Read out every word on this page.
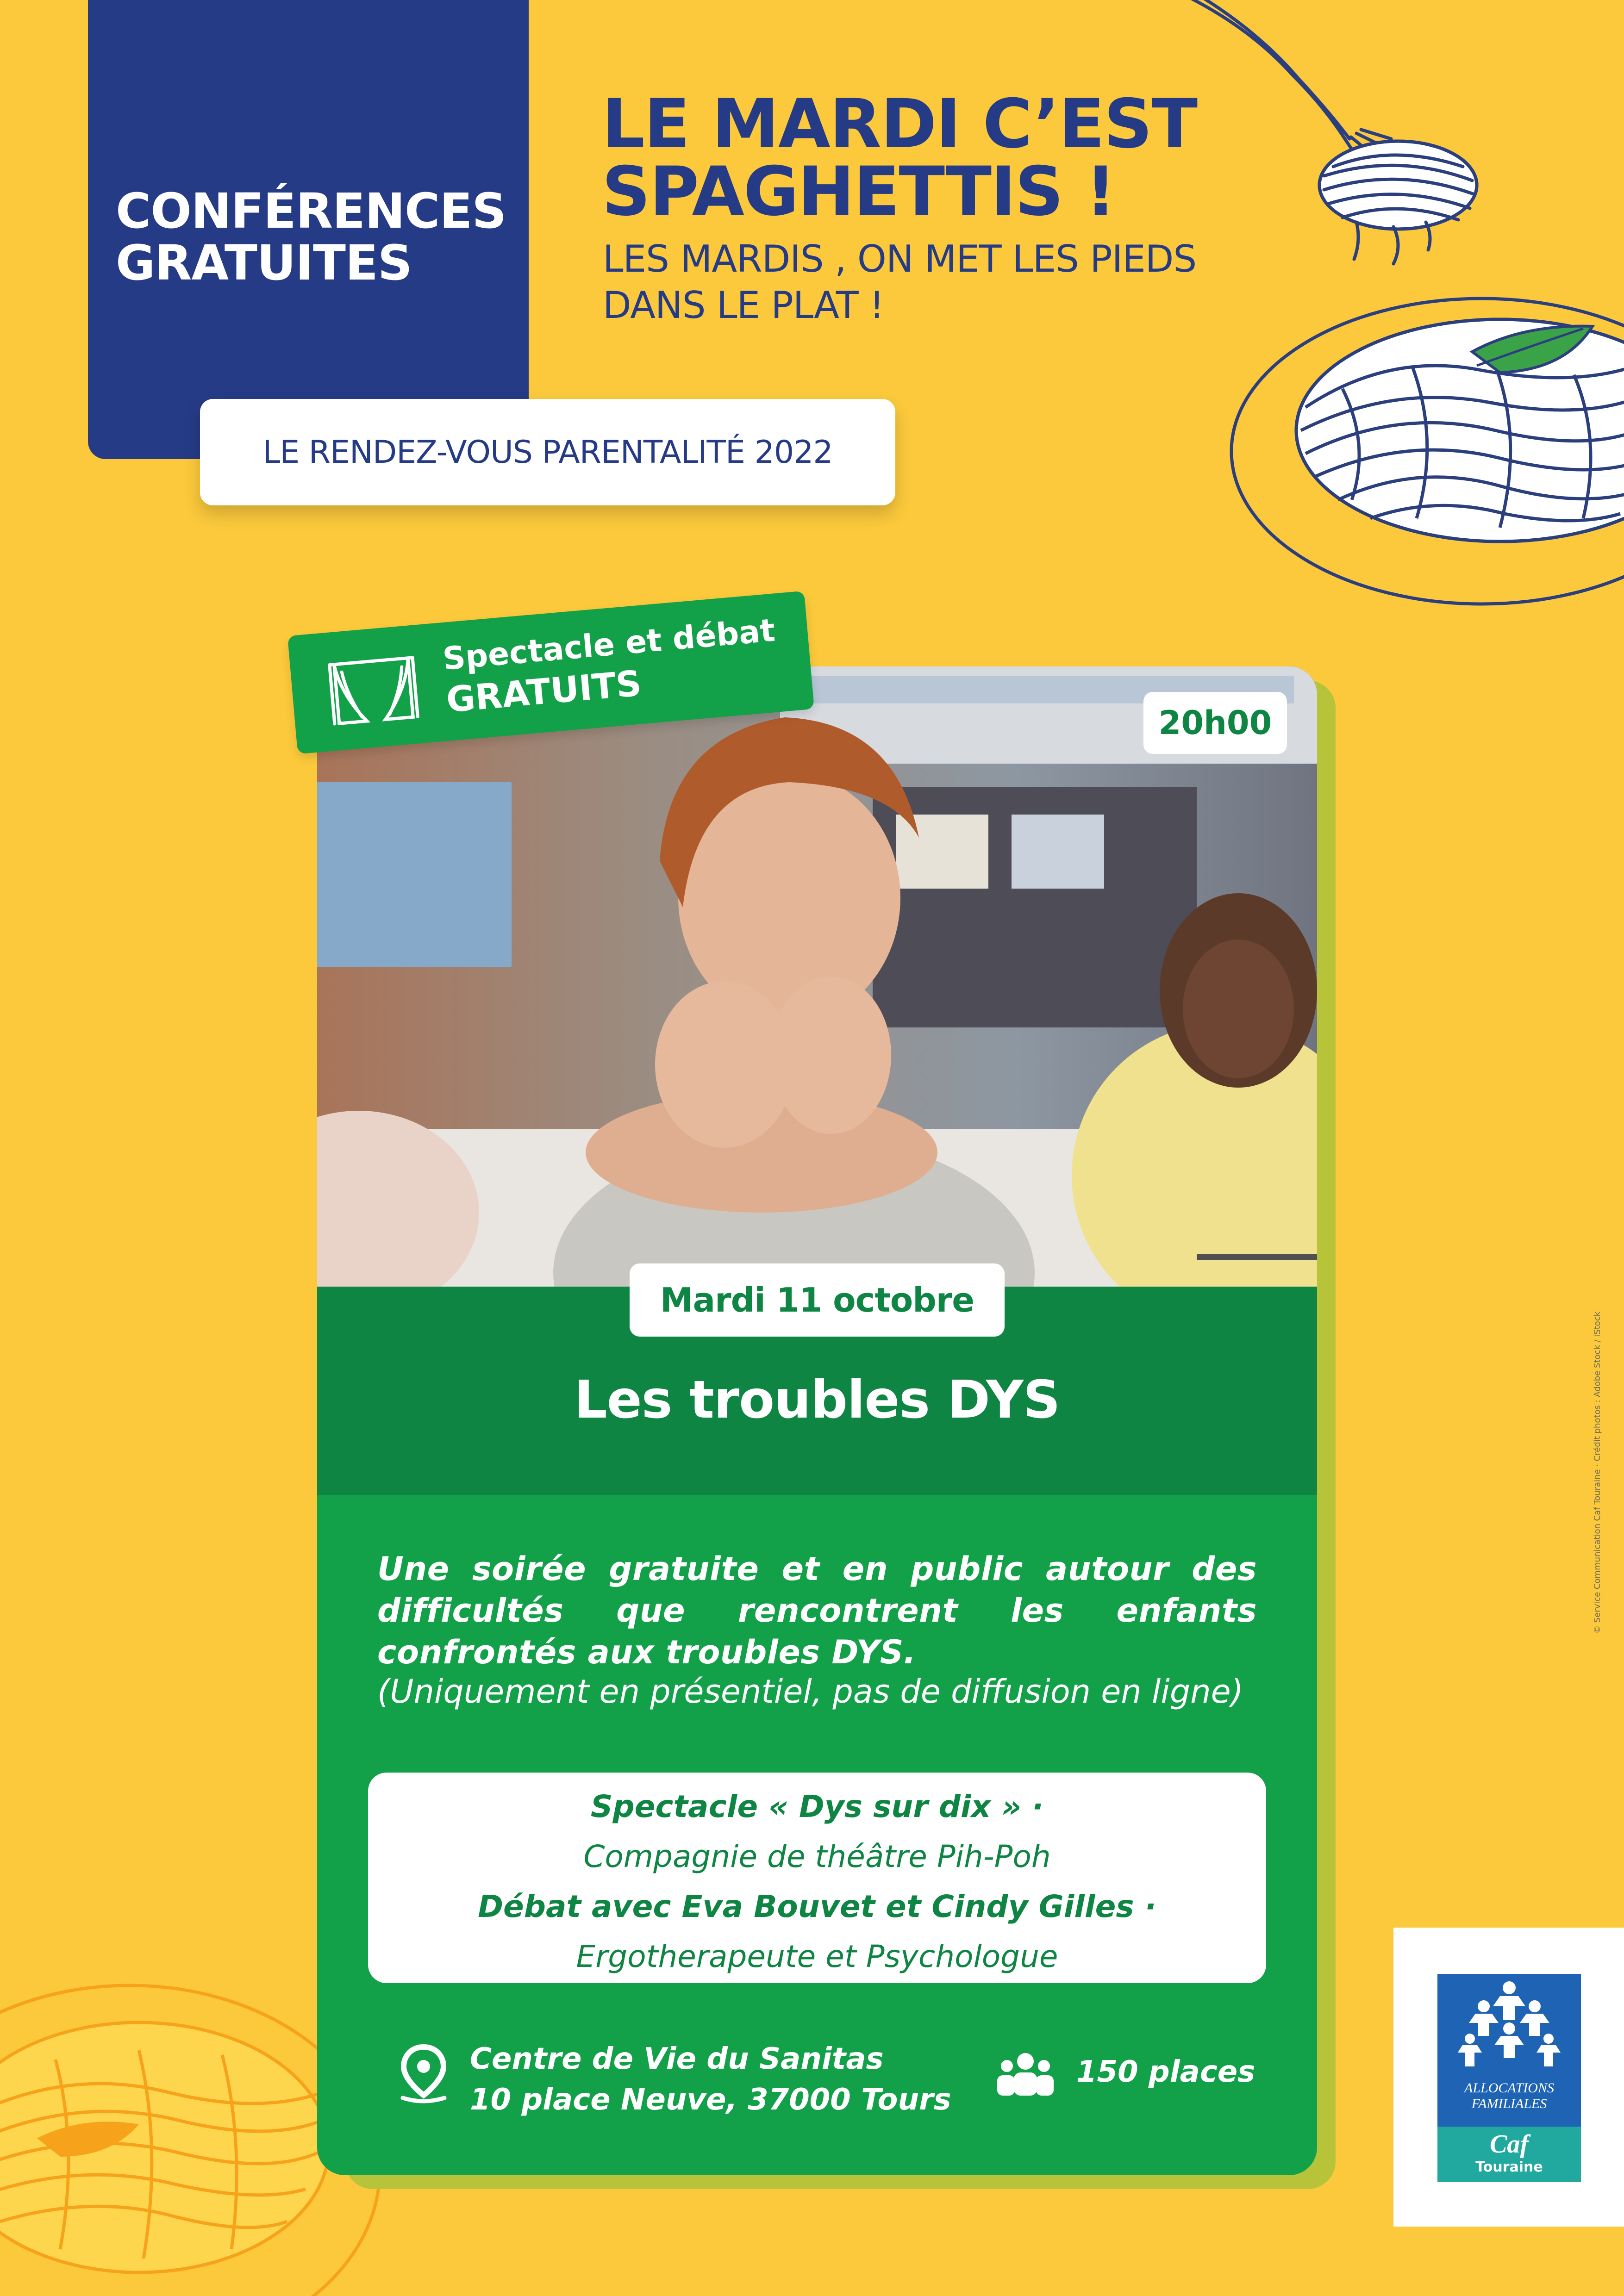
CONFÉRENCES
GRATUITES
LE MARDI C’EST
SPAGHETTIS !
LES MARDIS , ON MET LES PIEDS
DANS LE PLAT !
LE RENDEZ-VOUS PARENTALITÉ 2022
20h00
Mardi 11 octobre
Les troubles DYS
Une soirée gratuite et en public autour des difficultés que rencontrent les enfants confrontés aux troubles DYS.
(Uniquement en présentiel, pas de diffusion en ligne)
Spectacle « Dys sur dix » ·
Compagnie de théâtre Pih-Poh
Débat avec Eva Bouvet et Cindy Gilles ·
Ergotherapeute et Psychologue
Centre de Vie du Sanitas
10 place Neuve, 37000 Tours
150 places
Spectacle et débat
GRATUITS
ALLOCATIONS
FAMILIALES
Caf
Touraine
© Service Communication Caf Touraine · Crédit photos : Adobe Stock / iStock
